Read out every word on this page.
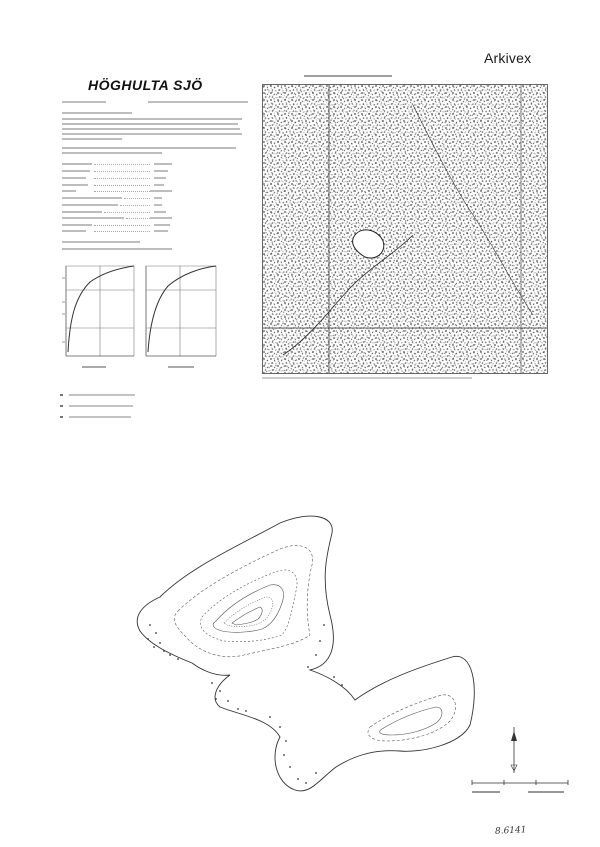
Arkivex
HÖGHULTA SJÖ
8.6141
